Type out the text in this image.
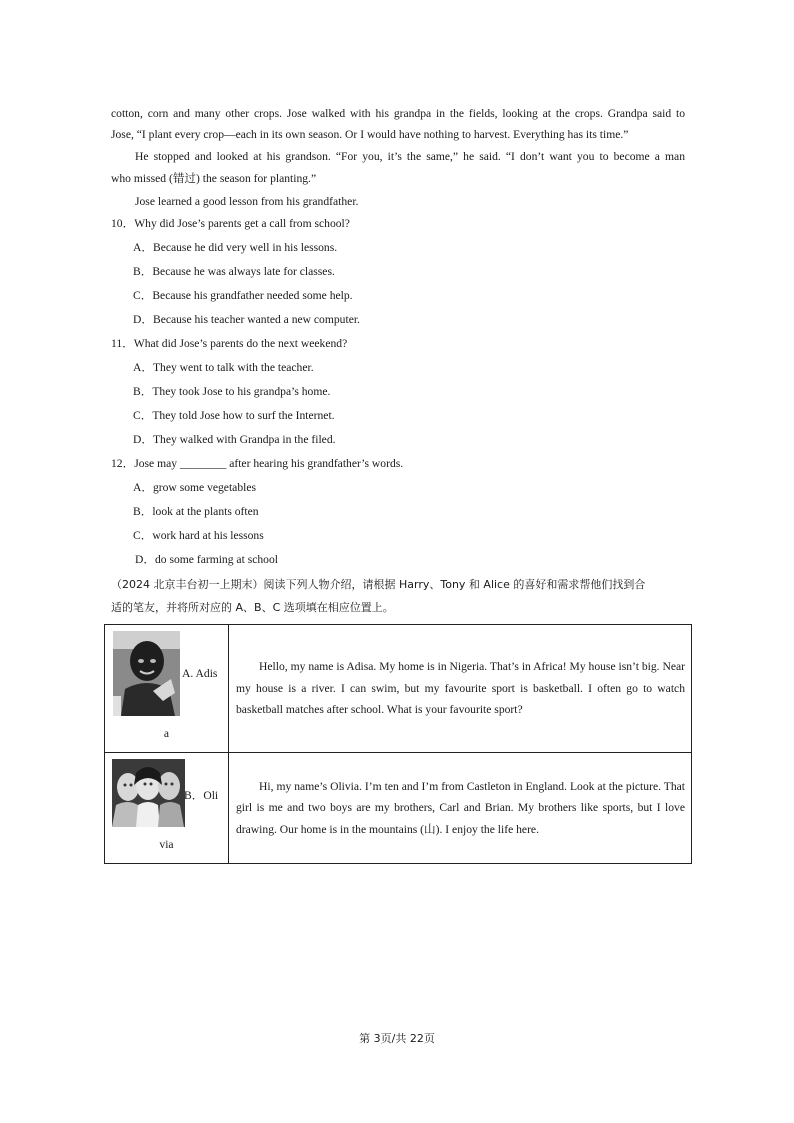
cotton, corn and many other crops. Jose walked with his grandpa in the fields, looking at the crops. Grandpa said to
Jose, “I plant every crop—each in its own season. Or I would have nothing to harvest. Everything has its time.”
He stopped and looked at his grandson. “For you, it’s the same,” he said. “I don’t want you to become a man
who missed (错过) the season for planting.”
Jose learned a good lesson from his grandfather.
10．Why did Jose’s parents get a call from school?
A．Because he did very well in his lessons.
B．Because he was always late for classes.
C．Because his grandfather needed some help.
D．Because his teacher wanted a new computer.
11．What did Jose’s parents do the next weekend?
A．They went to talk with the teacher.
B．They took Jose to his grandpa’s home.
C．They told Jose how to surf the Internet.
D．They walked with Grandpa in the filed.
12．Jose may ________ after hearing his grandfather’s words.
A．grow some vegetables
B．look at the plants often
C．work hard at his lessons
D．do some farming at school
（2024 北京丰台初一上期末）阅读下列人物介绍，请根据 Harry、Tony 和 Alice 的喜好和需求帮他们找到合
适的笔友，并将所对应的 A、B、C 选项填在相应位置上。
A. Adis
a	Hello, my name is Adisa. My home is in Nigeria. That’s in Africa! My house isn’t big. Near my house is a river. I can swim, but my favourite sport is basketball. I often go to watch basketball matches after school. What is your favourite sport?

B．Oli
via	Hi, my name’s Olivia. I’m ten and I’m from Castleton in England. Look at the picture. That girl is me and two boys are my brothers, Carl and Brian. My brothers like sports, but I love drawing. Our home is in the mountains (山). I enjoy the life here.
第 3页/共 22页
